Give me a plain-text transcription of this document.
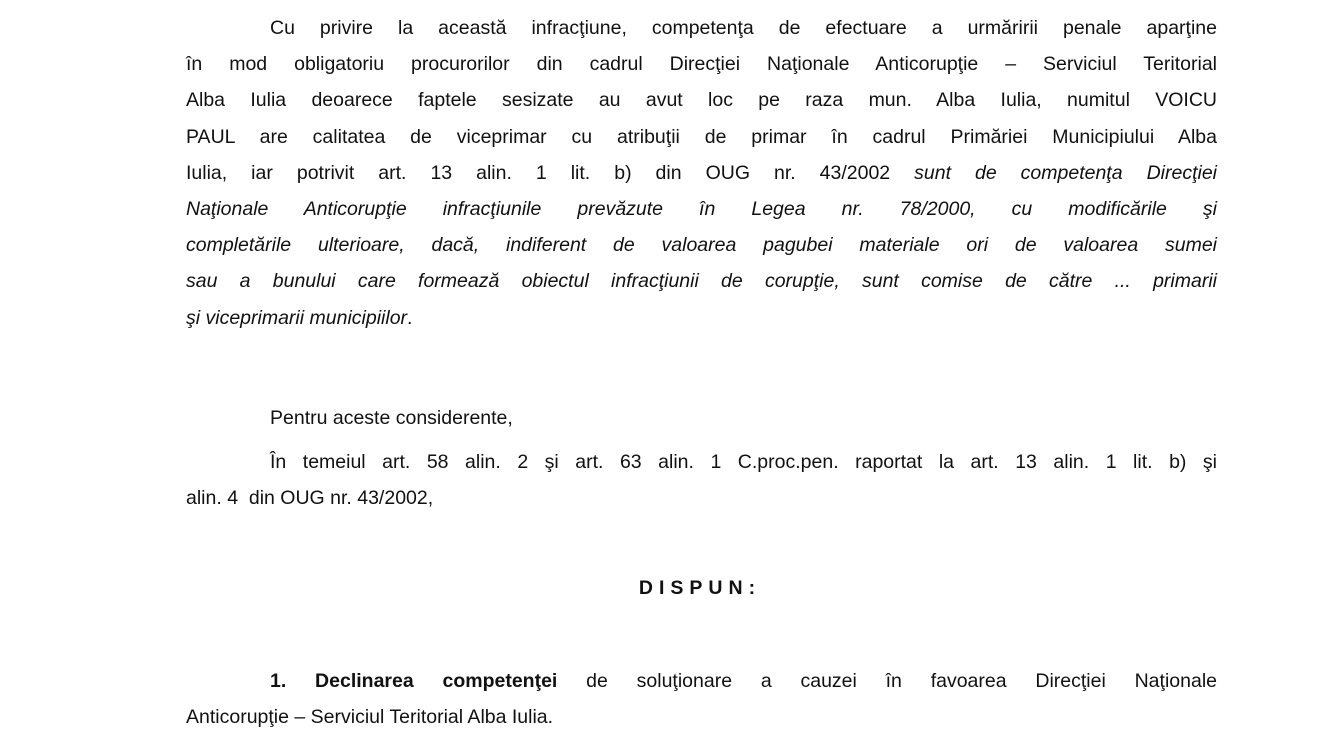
Cu privire la această infracţiune, competenţa de efectuare a urmăririi penale aparţine
în mod obligatoriu procurorilor din cadrul Direcţiei Naţionale Anticorupţie – Serviciul Teritorial
Alba Iulia deoarece faptele sesizate au avut loc pe raza mun. Alba Iulia, numitul VOICU
PAUL are calitatea de viceprimar cu atribuţii de primar în cadrul Primăriei Municipiului Alba
Iulia, iar potrivit art. 13 alin. 1 lit. b) din OUG nr. 43/2002 sunt de competenţa Direcţiei
Naţionale Anticorupţie infracţiunile prevăzute în Legea nr. 78/2000, cu modificările şi
completările ulterioare, dacă, indiferent de valoarea pagubei materiale ori de valoarea sumei
sau a bunului care formează obiectul infracţiunii de corupţie, sunt comise de către ... primarii
şi viceprimarii municipiilor.
Pentru aceste considerente,
În temeiul art. 58 alin. 2 şi art. 63 alin. 1 C.proc.pen. raportat la art. 13 alin. 1 lit. b) şi
alin. 4  din OUG nr. 43/2002,
DISPUN:
1. Declinarea competenţei de soluţionare a cauzei în favoarea Direcţiei Naţionale
Anticorupţie – Serviciul Teritorial Alba Iulia.
